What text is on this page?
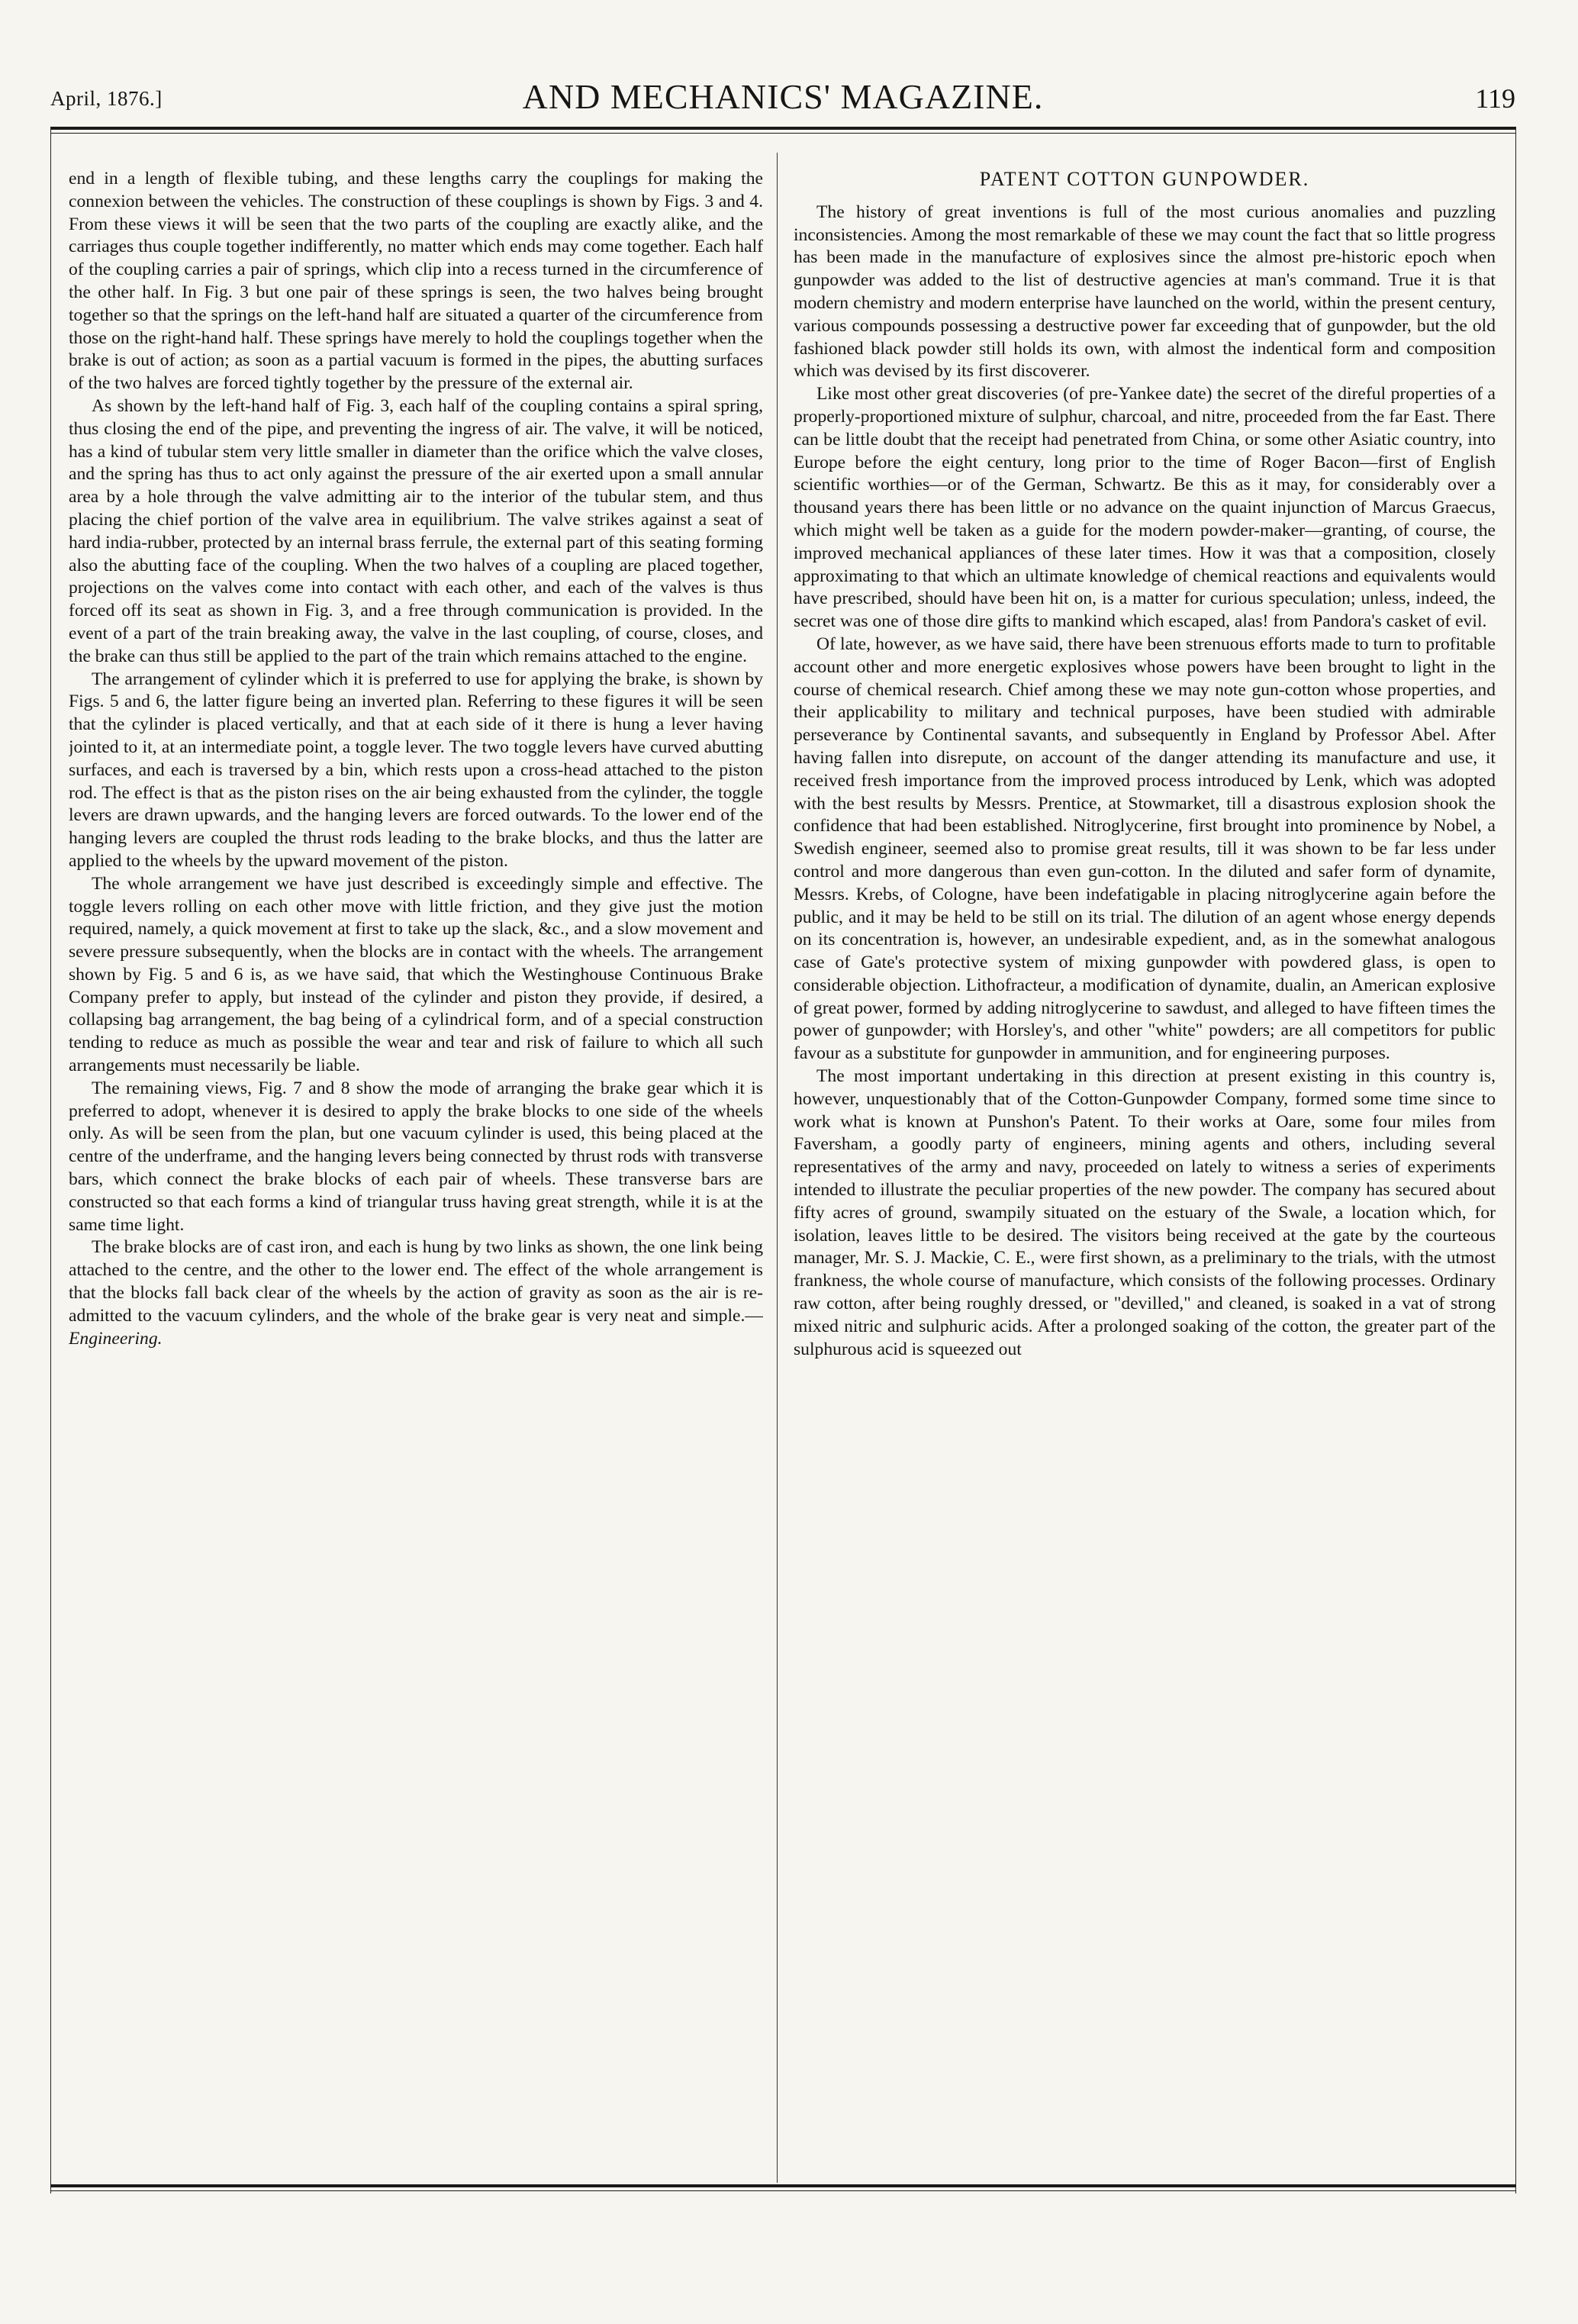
April, 1876.]	AND MECHANICS' MAGAZINE.	119

end in a length of flexible tubing, and these lengths carry the couplings for making the connexion between the vehicles. The construction of these couplings is shown by Figs. 3 and 4. From these views it will be seen that the two parts of the coupling are exactly alike, and the carriages thus couple together indifferently, no matter which ends may come together. Each half of the coupling carries a pair of springs, which clip into a recess turned in the circumference of the other half. In Fig. 3 but one pair of these springs is seen, the two halves being brought together so that the springs on the left-hand half are situated a quarter of the circumference from those on the right-hand half. These springs have merely to hold the couplings together when the brake is out of action; as soon as a partial vacuum is formed in the pipes, the abutting surfaces of the two halves are forced tightly together by the pressure of the external air.

As shown by the left-hand half of Fig. 3, each half of the coupling contains a spiral spring, thus closing the end of the pipe, and preventing the ingress of air. The valve, it will be noticed, has a kind of tubular stem very little smaller in diameter than the orifice which the valve closes, and the spring has thus to act only against the pressure of the air exerted upon a small annular area by a hole through the valve admitting air to the interior of the tubular stem, and thus placing the chief portion of the valve area in equilibrium. The valve strikes against a seat of hard india-rubber, protected by an internal brass ferrule, the external part of this seating forming also the abutting face of the coupling. When the two halves of a coupling are placed together, projections on the valves come into contact with each other, and each of the valves is thus forced off its seat as shown in Fig. 3, and a free through communication is provided. In the event of a part of the train breaking away, the valve in the last coupling, of course, closes, and the brake can thus still be applied to the part of the train which remains attached to the engine.

The arrangement of cylinder which it is preferred to use for applying the brake, is shown by Figs. 5 and 6, the latter figure being an inverted plan. Referring to these figures it will be seen that the cylinder is placed vertically, and that at each side of it there is hung a lever having jointed to it, at an intermediate point, a toggle lever. The two toggle levers have curved abutting surfaces, and each is traversed by a bin, which rests upon a cross-head attached to the piston rod. The effect is that as the piston rises on the air being exhausted from the cylinder, the toggle levers are drawn upwards, and the hanging levers are forced outwards. To the lower end of the hanging levers are coupled the thrust rods leading to the brake blocks, and thus the latter are applied to the wheels by the upward movement of the piston.

The whole arrangement we have just described is exceedingly simple and effective. The toggle levers rolling on each other move with little friction, and they give just the motion required, namely, a quick movement at first to take up the slack, &c., and a slow movement and severe pressure subsequently, when the blocks are in contact with the wheels. The arrangement shown by Fig. 5 and 6 is, as we have said, that which the Westinghouse Continuous Brake Company prefer to apply, but instead of the cylinder and piston they provide, if desired, a collapsing bag arrangement, the bag being of a cylindrical form, and of a special construction tending to reduce as much as possible the wear and tear and risk of failure to which all such arrangements must necessarily be liable.

The remaining views, Fig. 7 and 8 show the mode of arranging the brake gear which it is preferred to adopt, whenever it is desired to apply the brake blocks to one side of the wheels only. As will be seen from the plan, but one vacuum cylinder is used, this being placed at the centre of the underframe, and the hanging levers being connected by thrust rods with transverse bars, which connect the brake blocks of each pair of wheels. These transverse bars are constructed so that each forms a kind of triangular truss having great strength, while it is at the same time light.

The brake blocks are of cast iron, and each is hung by two links as shown, the one link being attached to the centre, and the other to the lower end. The effect of the whole arrangement is that the blocks fall back clear of the wheels by the action of gravity as soon as the air is re-admitted to the vacuum cylinders, and the whole of the brake gear is very neat and simple.—Engineering.

PATENT COTTON GUNPOWDER.

The history of great inventions is full of the most curious anomalies and puzzling inconsistencies. Among the most remarkable of these we may count the fact that so little progress has been made in the manufacture of explosives since the almost pre-historic epoch when gunpowder was added to the list of destructive agencies at man's command. True it is that modern chemistry and modern enterprise have launched on the world, within the present century, various compounds possessing a destructive power far exceeding that of gunpowder, but the old fashioned black powder still holds its own, with almost the indentical form and composition which was devised by its first discoverer.

Like most other great discoveries (of pre-Yankee date) the secret of the direful properties of a properly-proportioned mixture of sulphur, charcoal, and nitre, proceeded from the far East. There can be little doubt that the receipt had penetrated from China, or some other Asiatic country, into Europe before the eight century, long prior to the time of Roger Bacon—first of English scientific worthies—or of the German, Schwartz. Be this as it may, for considerably over a thousand years there has been little or no advance on the quaint injunction of Marcus Graecus, which might well be taken as a guide for the modern powder-maker—granting, of course, the improved mechanical appliances of these later times. How it was that a composition, closely approximating to that which an ultimate knowledge of chemical reactions and equivalents would have prescribed, should have been hit on, is a matter for curious speculation; unless, indeed, the secret was one of those dire gifts to mankind which escaped, alas! from Pandora's casket of evil.

Of late, however, as we have said, there have been strenuous efforts made to turn to profitable account other and more energetic explosives whose powers have been brought to light in the course of chemical research. Chief among these we may note gun-cotton whose properties, and their applicability to military and technical purposes, have been studied with admirable perseverance by Continental savants, and subsequently in England by Professor Abel. After having fallen into disrepute, on account of the danger attending its manufacture and use, it received fresh importance from the improved process introduced by Lenk, which was adopted with the best results by Messrs. Prentice, at Stowmarket, till a disastrous explosion shook the confidence that had been established. Nitroglycerine, first brought into prominence by Nobel, a Swedish engineer, seemed also to promise great results, till it was shown to be far less under control and more dangerous than even gun-cotton. In the diluted and safer form of dynamite, Messrs. Krebs, of Cologne, have been indefatigable in placing nitroglycerine again before the public, and it may be held to be still on its trial. The dilution of an agent whose energy depends on its concentration is, however, an undesirable expedient, and, as in the somewhat analogous case of Gate's protective system of mixing gunpowder with powdered glass, is open to considerable objection. Lithofracteur, a modification of dynamite, dualin, an American explosive of great power, formed by adding nitroglycerine to sawdust, and alleged to have fifteen times the power of gunpowder; with Horsley's, and other "white" powders; are all competitors for public favour as a substitute for gunpowder in ammunition, and for engineering purposes.

The most important undertaking in this direction at present existing in this country is, however, unquestionably that of the Cotton-Gunpowder Company, formed some time since to work what is known at Punshon's Patent. To their works at Oare, some four miles from Faversham, a goodly party of engineers, mining agents and others, including several representatives of the army and navy, proceeded on lately to witness a series of experiments intended to illustrate the peculiar properties of the new powder. The company has secured about fifty acres of ground, swampily situated on the estuary of the Swale, a location which, for isolation, leaves little to be desired. The visitors being received at the gate by the courteous manager, Mr. S. J. Mackie, C. E., were first shown, as a preliminary to the trials, with the utmost frankness, the whole course of manufacture, which consists of the following processes. Ordinary raw cotton, after being roughly dressed, or "devilled," and cleaned, is soaked in a vat of strong mixed nitric and sulphuric acids. After a prolonged soaking of the cotton, the greater part of the sulphurous acid is squeezed out
